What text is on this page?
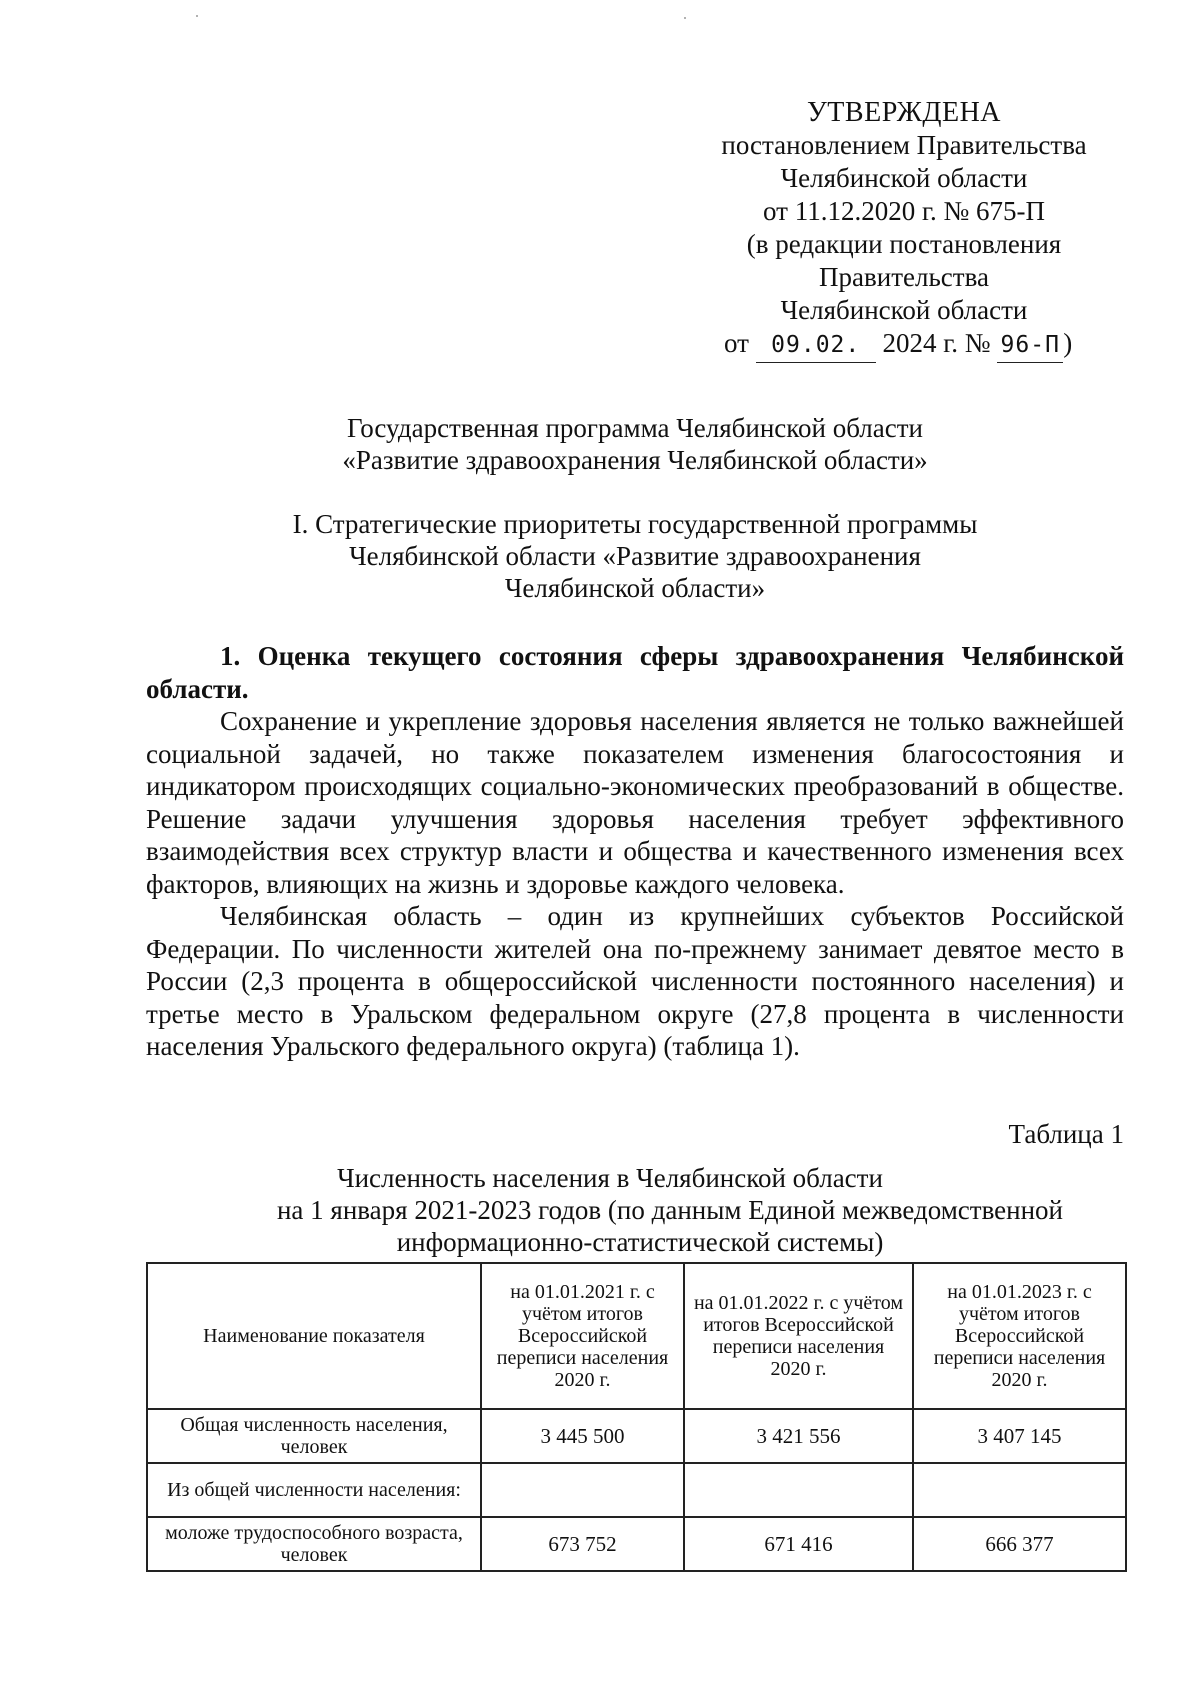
УТВЕРЖДЕНА
постановлением Правительства
Челябинской области
от 11.12.2020 г. № 675-П
(в редакции постановления
Правительства
Челябинской области
от 09.02. 2024 г. № 96-П )
Государственная программа Челябинской области
«Развитие здравоохранения Челябинской области»
I. Стратегические приоритеты государственной программы
Челябинской области «Развитие здравоохранения
Челябинской области»

1. Оценка текущего состояния сферы здравоохранения Челябинской области.

Сохранение и укрепление здоровья населения является не только важнейшей социальной задачей, но также показателем изменения благосостояния и индикатором происходящих социально-экономических преобразований в обществе. Решение задачи улучшения здоровья населения требует эффективного взаимодействия всех структур власти и общества и качественного изменения всех факторов, влияющих на жизнь и здоровье каждого человека.

Челябинская область – один из крупнейших субъектов Российской Федерации. По численности жителей она по-прежнему занимает девятое место в России (2,3 процента в общероссийской численности постоянного населения) и третье место в Уральском федеральном округе (27,8 процента в численности населения Уральского федерального округа) (таблица 1).

Таблица 1
Численность населения в Челябинской области
на 1 января 2021-2023 годов (по данным Единой межведомственной
информационно-статистической системы)
Наименование показателя	на 01.01.2021 г. с учётом итогов Всероссийской переписи населения 2020 г.	на 01.01.2022 г. с учётом итогов Всероссийской переписи населения 2020 г.	на 01.01.2023 г. с учётом итогов Всероссийской переписи населения 2020 г.
Общая численность населения, человек	3 445 500	3 421 556	3 407 145
Из общей численности населения:			
моложе трудоспособного возраста, человек	673 752	671 416	666 377
